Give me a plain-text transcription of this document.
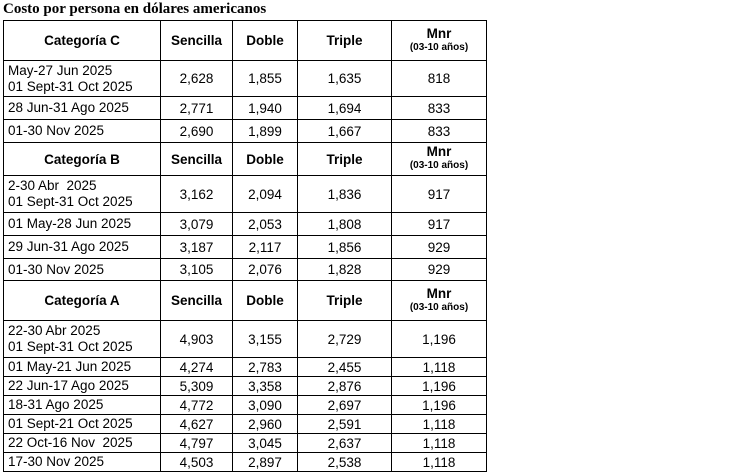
Costo por persona en dólares americanos
Categoría C	Sencilla	Doble	Triple	Mnr
(03-10 años)

May-27 Jun 2025
01 Sept-31 Oct 2025	2,628	1,855	1,635	818
28 Jun-31 Ago 2025	2,771	1,940	1,694	833
01-30 Nov 2025	2,690	1,899	1,667	833
Categoría B	Sencilla	Doble	Triple	Mnr
(03-10 años)

2-30 Abr  2025
01 Sept-31 Oct 2025	3,162	2,094	1,836	917
01 May-28 Jun 2025	3,079	2,053	1,808	917
29 Jun-31 Ago 2025	3,187	2,117	1,856	929
01-30 Nov 2025	3,105	2,076	1,828	929
Categoría A	Sencilla	Doble	Triple	Mnr
(03-10 años)

22-30 Abr 2025
01 Sept-31 Oct 2025	4,903	3,155	2,729	1,196
01 May-21 Jun 2025	4,274	2,783	2,455	1,118
22 Jun-17 Ago 2025	5,309	3,358	2,876	1,196
18-31 Ago 2025	4,772	3,090	2,697	1,196
01 Sept-21 Oct 2025	4,627	2,960	2,591	1,118
22 Oct-16 Nov  2025	4,797	3,045	2,637	1,118
17-30 Nov 2025	4,503	2,897	2,538	1,118
